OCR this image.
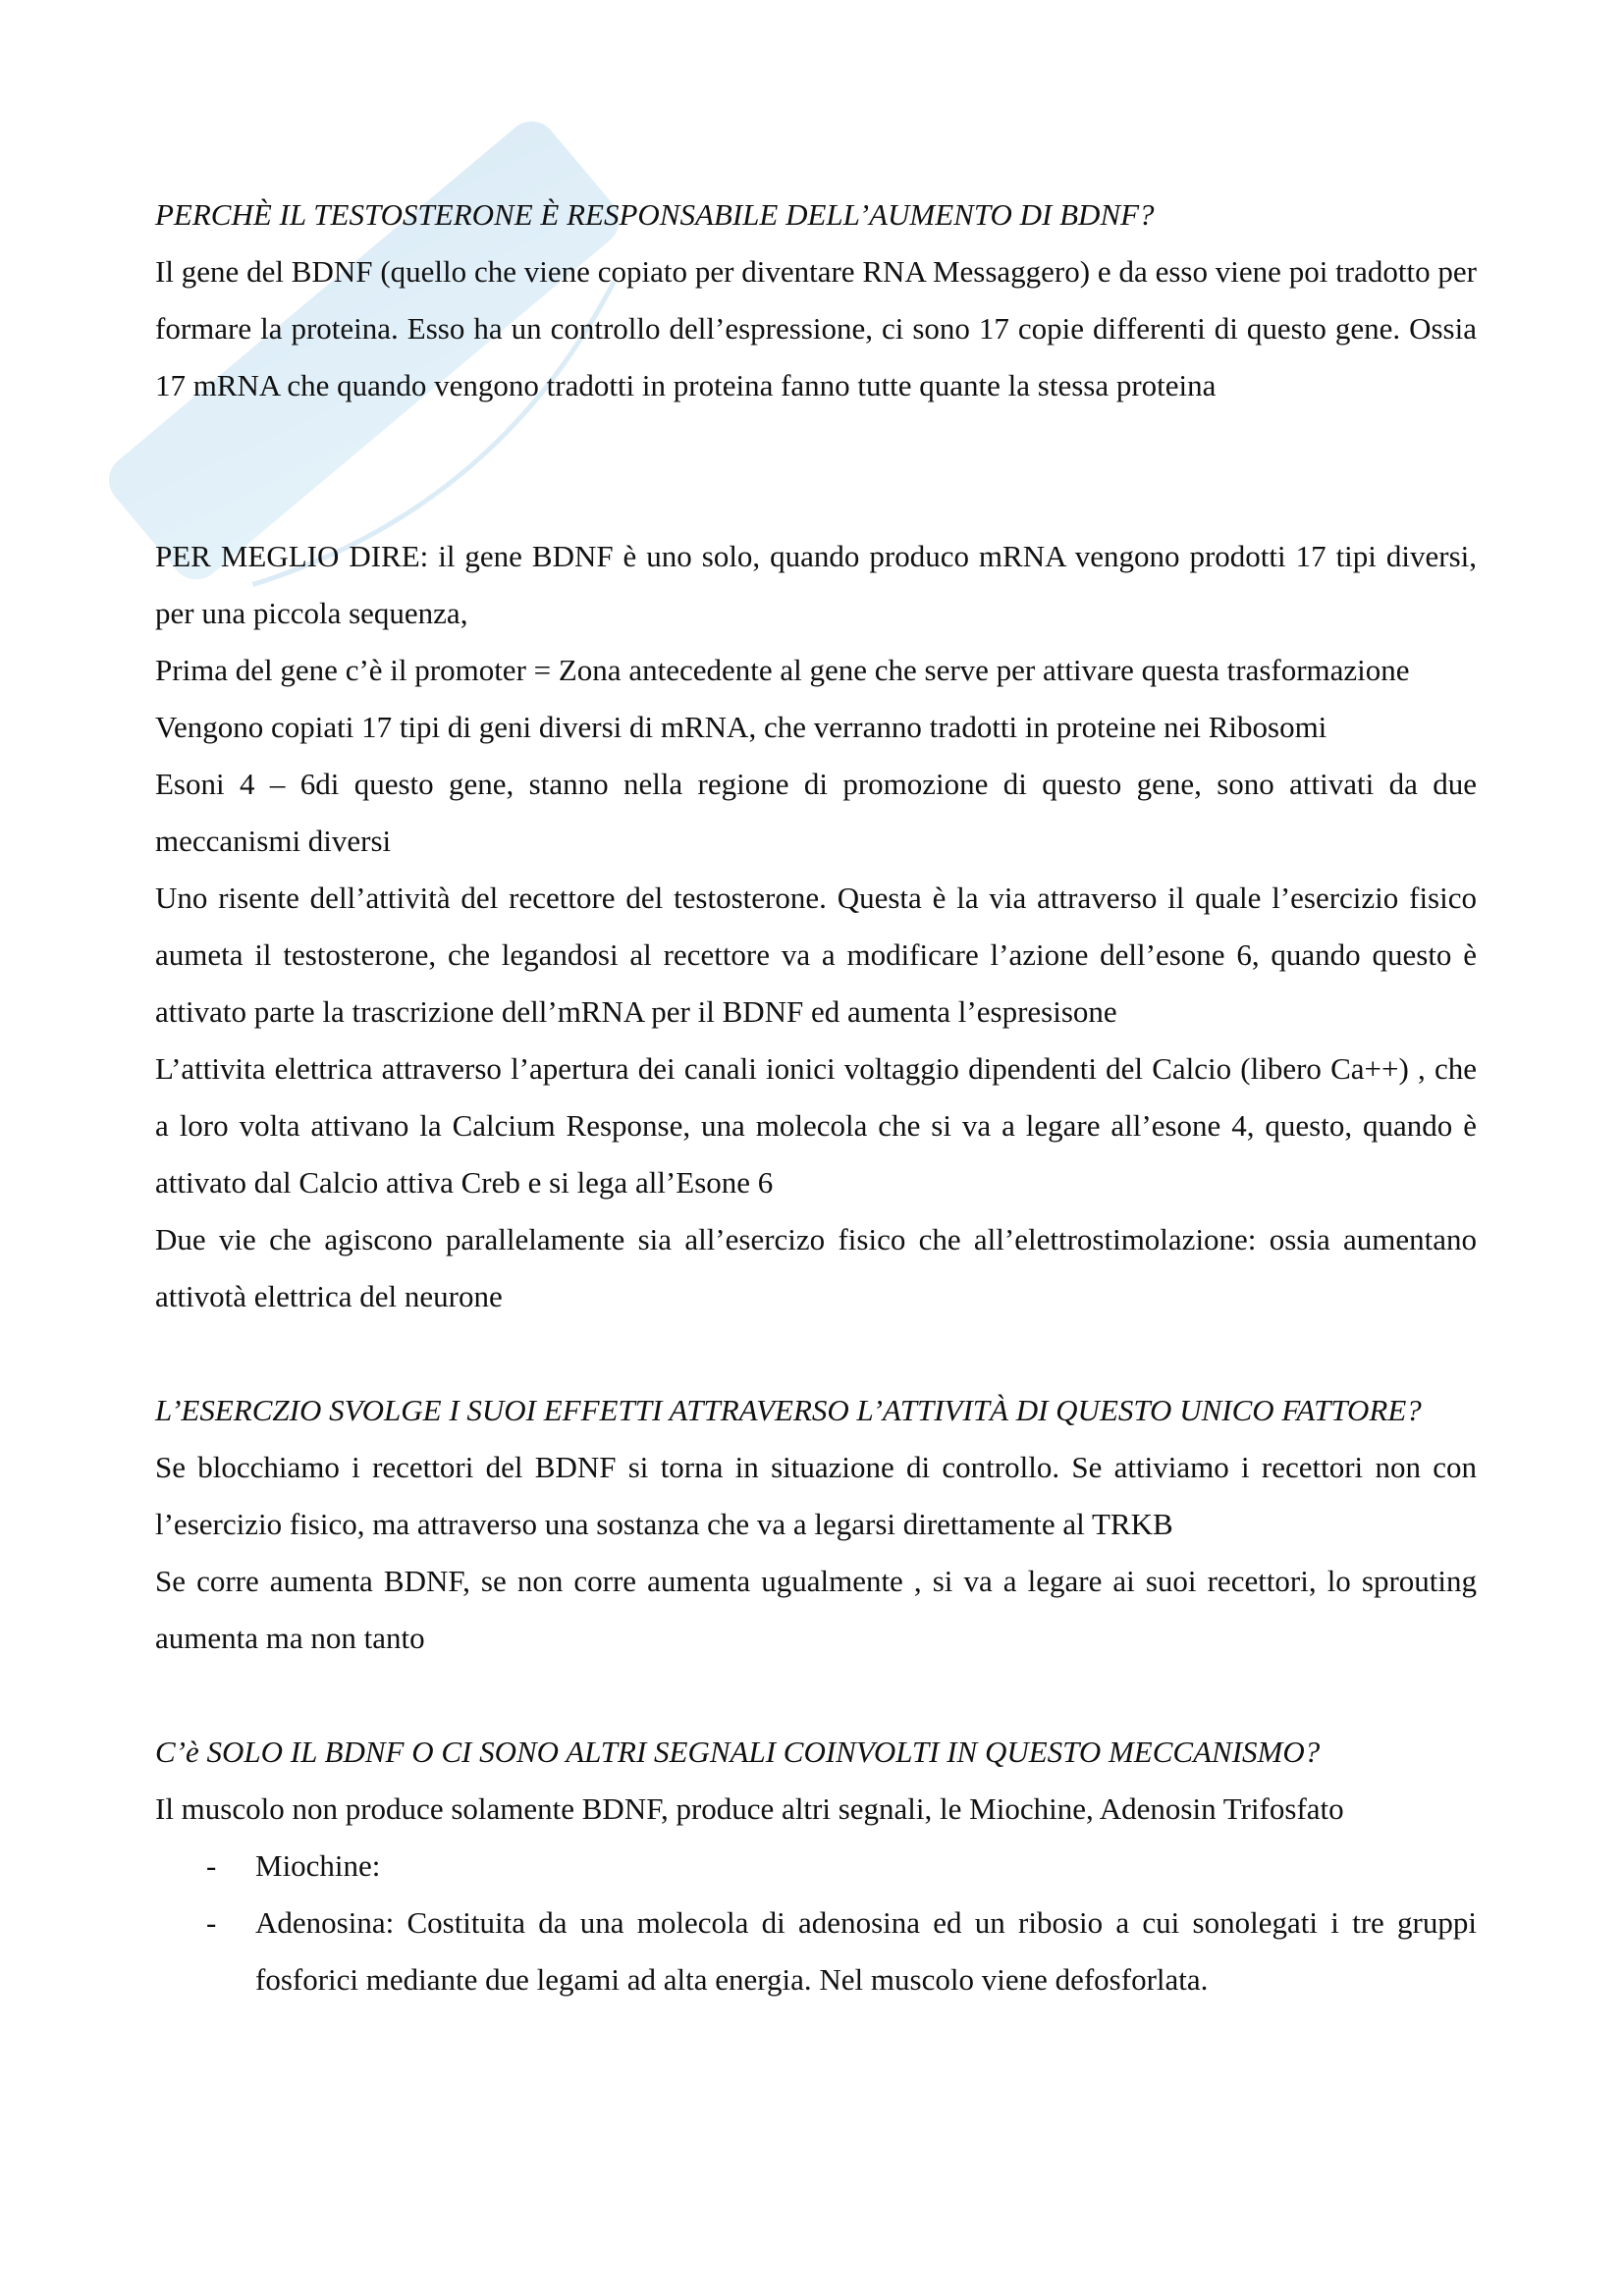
PERCHÈ IL TESTOSTERONE È RESPONSABILE DELL’AUMENTO DI BDNF?

Il gene del BDNF (quello che viene copiato per diventare RNA Messaggero) e da esso viene poi tradotto per formare la proteina. Esso ha un controllo dell’espressione, ci sono 17 copie differenti di questo gene. Ossia 17 mRNA che quando vengono tradotti in proteina fanno tutte quante la stessa proteina

PER MEGLIO DIRE: il gene BDNF è uno solo, quando produco mRNA vengono prodotti 17 tipi diversi, per una piccola sequenza,

Prima del gene c’è il promoter = Zona antecedente al gene che serve per attivare questa trasformazione

Vengono copiati 17 tipi di geni diversi di mRNA, che verranno tradotti in proteine nei Ribosomi

Esoni 4 – 6di questo gene, stanno nella regione di promozione di questo gene, sono attivati da due meccanismi diversi

Uno risente dell’attività del recettore del testosterone. Questa è la via attraverso il quale l’esercizio fisico aumeta il testosterone, che legandosi al recettore va a modificare l’azione dell’esone 6, quando questo è attivato parte la trascrizione dell’mRNA per il BDNF ed aumenta l’espresisone

L’attivita elettrica attraverso l’apertura dei canali ionici voltaggio dipendenti del Calcio (libero Ca++) , che a loro volta attivano la Calcium Response, una molecola che si va a legare all’esone 4, questo, quando è attivato dal Calcio attiva Creb e si lega all’Esone 6

Due vie che agiscono parallelamente sia all’esercizo fisico che all’elettrostimolazione: ossia aumentano attivotà elettrica del neurone

L’ESERCZIO SVOLGE I SUOI EFFETTI ATTRAVERSO L’ATTIVITÀ DI QUESTO UNICO FATTORE?

Se blocchiamo i recettori del BDNF si torna in situazione di controllo. Se attiviamo i recettori non con l’esercizio fisico, ma attraverso una sostanza che va a legarsi direttamente al TRKB

Se corre aumenta BDNF, se non corre aumenta ugualmente , si va a legare ai suoi recettori, lo sprouting aumenta ma non tanto

C’è SOLO IL BDNF O CI SONO ALTRI SEGNALI COINVOLTI IN QUESTO MECCANISMO?

Il muscolo non produce solamente BDNF, produce altri segnali, le Miochine, Adenosin Trifosfato

- Miochine:
- Adenosina: Costituita da una molecola di adenosina ed un ribosio a cui sonolegati i tre gruppi fosforici mediante due legami ad alta energia. Nel muscolo viene defosforlata.
